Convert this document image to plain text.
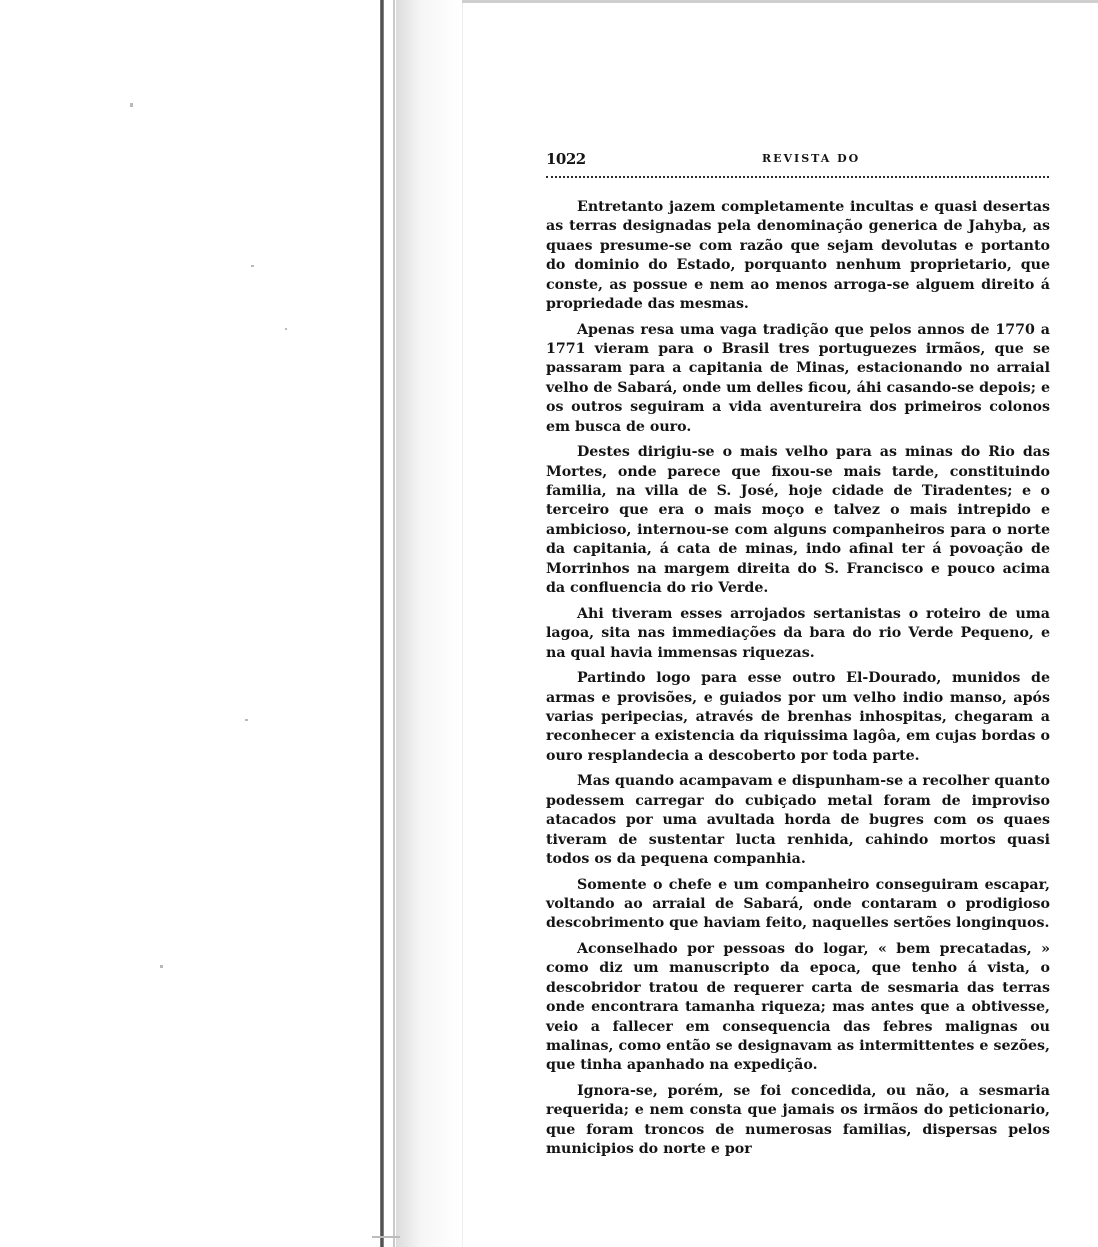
1022	REVISTA DO

Entretanto jazem completamente incultas e quasi desertas as terras designadas pela denominação generica de Jahyba, as quaes presume-se com razão que sejam devolutas e portanto do dominio do Estado, porquanto nenhum proprietario, que conste, as possue e nem ao menos arroga-se alguem direito á propriedade das mesmas.

Apenas resa uma vaga tradição que pelos annos de 1770 a 1771 vieram para o Brasil tres portuguezes irmãos, que se passaram para a capitania de Minas, estacionando no arraial velho de Sabará, onde um delles ficou, áhi casando-se depois; e os outros seguiram a vida aventureira dos primeiros colonos em busca de ouro.

Destes dirigiu-se o mais velho para as minas do Rio das Mortes, onde parece que fixou-se mais tarde, constituindo familia, na villa de S. José, hoje cidade de Tiradentes; e o terceiro que era o mais moço e talvez o mais intrepido e ambicioso, internou-se com alguns companheiros para o norte da capitania, á cata de minas, indo afinal ter á povoação de Morrinhos na margem direita do S. Francisco e pouco acima da confluencia do rio Verde.

Ahi tiveram esses arrojados sertanistas o roteiro de uma lagoa, sita nas immediações da bara do rio Verde Pequeno, e na qual havia immensas riquezas.

Partindo logo para esse outro El-Dourado, munidos de armas e provisões, e guiados por um velho indio manso, após varias peripecias, através de brenhas inhospitas, chegaram a reconhecer a existencia da riquissima lagôa, em cujas bordas o ouro resplandecia a descoberto por toda parte.

Mas quando acampavam e dispunham-se a recolher quanto podessem carregar do cubiçado metal foram de improviso atacados por uma avultada horda de bugres com os quaes tiveram de sustentar lucta renhida, cahindo mortos quasi todos os da pequena companhia.

Somente o chefe e um companheiro conseguiram escapar, voltando ao arraial de Sabará, onde contaram o prodigioso descobrimento que haviam feito, naquelles sertões longinquos.

Aconselhado por pessoas do logar, « bem precatadas, » como diz um manuscripto da epoca, que tenho á vista, o descobridor tratou de requerer carta de sesmaria das terras onde encontrara tamanha riqueza; mas antes que a obtivesse, veio a fallecer em consequencia das febres malignas ou malinas, como então se designavam as intermittentes e sezões, que tinha apanhado na expedição.

Ignora-se, porém, se foi concedida, ou não, a sesmaria requerida; e nem consta que jamais os irmãos do peticionario, que foram troncos de numerosas familias, dispersas pelos municipios do norte e por
